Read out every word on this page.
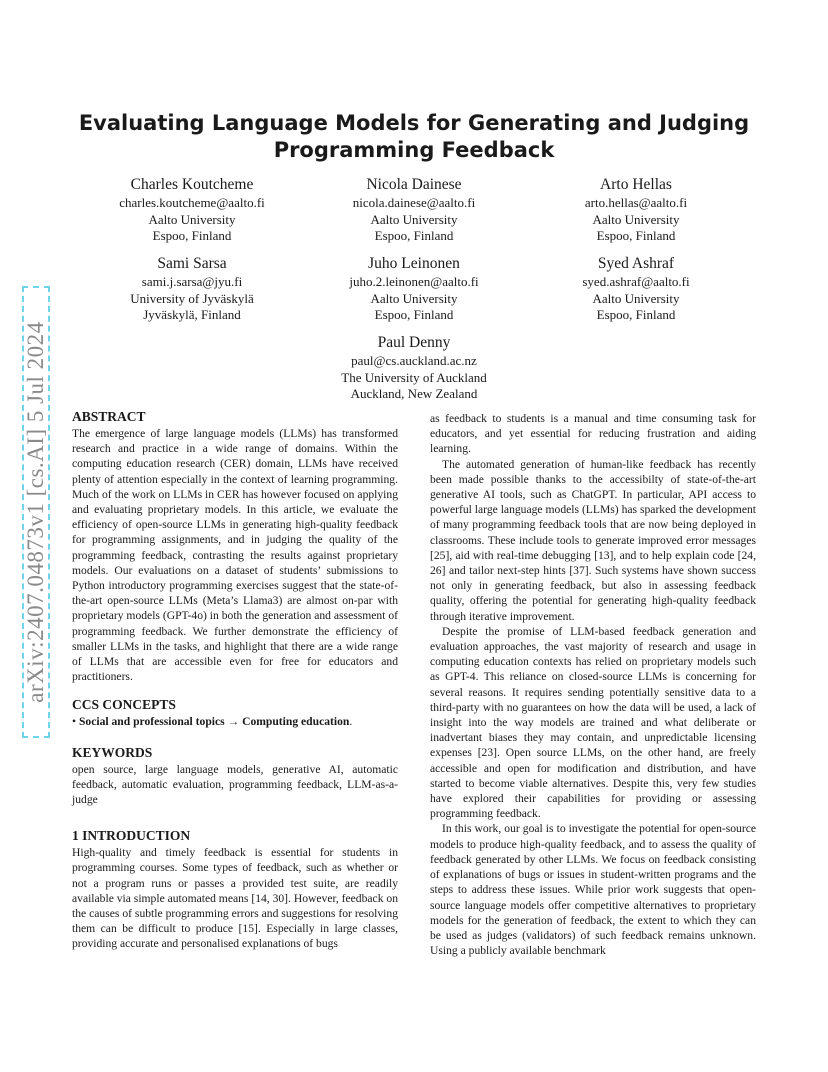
arXiv:2407.04873v1 [cs.AI] 5 Jul 2024
Evaluating Language Models for Generating and Judging Programming Feedback
Charles Koutcheme
charles.koutcheme@aalto.fi
Aalto University
Espoo, Finland
Nicola Dainese
nicola.dainese@aalto.fi
Aalto University
Espoo, Finland
Arto Hellas
arto.hellas@aalto.fi
Aalto University
Espoo, Finland
Sami Sarsa
sami.j.sarsa@jyu.fi
University of Jyväskylä
Jyväskylä, Finland
Juho Leinonen
juho.2.leinonen@aalto.fi
Aalto University
Espoo, Finland
Syed Ashraf
syed.ashraf@aalto.fi
Aalto University
Espoo, Finland
Paul Denny
paul@cs.auckland.ac.nz
The University of Auckland
Auckland, New Zealand
ABSTRACT

The emergence of large language models (LLMs) has transformed research and practice in a wide range of domains. Within the computing education research (CER) domain, LLMs have received plenty of attention especially in the context of learning programming. Much of the work on LLMs in CER has however focused on applying and evaluating proprietary models. In this article, we evaluate the efficiency of open-source LLMs in generating high-quality feedback for programming assignments, and in judging the quality of the programming feedback, contrasting the results against proprietary models. Our evaluations on a dataset of students’ submissions to Python introductory programming exercises suggest that the state-of-the-art open-source LLMs (Meta’s Llama3) are almost on-par with proprietary models (GPT-4o) in both the generation and assessment of programming feedback. We further demonstrate the efficiency of smaller LLMs in the tasks, and highlight that there are a wide range of LLMs that are accessible even for free for educators and practitioners.

CCS CONCEPTS
• Social and professional topics → Computing education.
KEYWORDS

open source, large language models, generative AI, automatic feedback, automatic evaluation, programming feedback, LLM-as-a-judge

1 INTRODUCTION

High-quality and timely feedback is essential for students in programming courses. Some types of feedback, such as whether or not a program runs or passes a provided test suite, are readily available via simple automated means [14, 30]. However, feedback on the causes of subtle programming errors and suggestions for resolving them can be difficult to produce [15]. Especially in large classes, providing accurate and personalised explanations of bugs

as feedback to students is a manual and time consuming task for educators, and yet essential for reducing frustration and aiding learning.

The automated generation of human-like feedback has recently been made possible thanks to the accessibilty of state-of-the-art generative AI tools, such as ChatGPT. In particular, API access to powerful large language models (LLMs) has sparked the development of many programming feedback tools that are now being deployed in classrooms. These include tools to generate improved error messages [25], aid with real-time debugging [13], and to help explain code [24, 26] and tailor next-step hints [37]. Such systems have shown success not only in generating feedback, but also in assessing feedback quality, offering the potential for generating high-quality feedback through iterative improvement.

Despite the promise of LLM-based feedback generation and evaluation approaches, the vast majority of research and usage in computing education contexts has relied on proprietary models such as GPT-4. This reliance on closed-source LLMs is concerning for several reasons. It requires sending potentially sensitive data to a third-party with no guarantees on how the data will be used, a lack of insight into the way models are trained and what deliberate or inadvertant biases they may contain, and unpredictable licensing expenses [23]. Open source LLMs, on the other hand, are freely accessible and open for modification and distribution, and have started to become viable alternatives. Despite this, very few studies have explored their capabilities for providing or assessing programming feedback.

In this work, our goal is to investigate the potential for open-source models to produce high-quality feedback, and to assess the quality of feedback generated by other LLMs. We focus on feedback consisting of explanations of bugs or issues in student-written programs and the steps to address these issues. While prior work suggests that open-source language models offer competitive alternatives to proprietary models for the generation of feedback, the extent to which they can be used as judges (validators) of such feedback remains unknown. Using a publicly available benchmark
